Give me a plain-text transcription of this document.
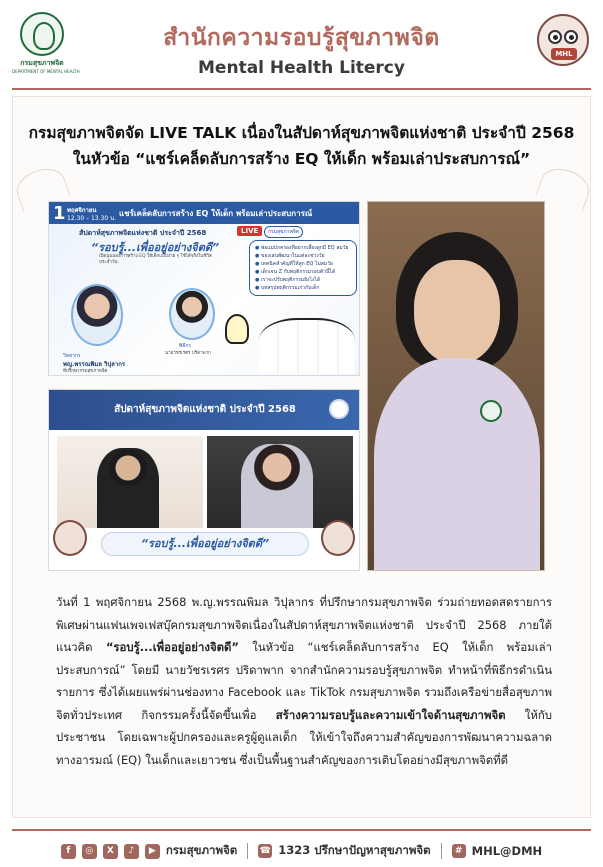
กรมสุขภาพจิต
DEPARTMENT OF MENTAL HEALTH
สำนักความรอบรู้สุขภาพจิต
Mental Health Litercy
MHL
กรมสุขภาพจิตจัด LIVE TALK เนื่องในสัปดาห์สุขภาพจิตแห่งชาติ ประจำปี 2568
ในหัวข้อ “แชร์เคล็ดลับการสร้าง EQ ให้เด็ก พร้อมเล่าประสบการณ์”
1 พฤศจิกายน
12.30 – 13.30 น.
แชร์เคล็ดลับการสร้าง EQ ให้เด็ก พร้อมเล่าประสบการณ์
สัปดาห์สุขภาพจิตแห่งชาติ ประจำปี 2568
“รอบรู้...เพื่ออยู่อย่างจิตดี”
เปิดมุมมองการสร้าง EQ ให้เด็กแบบง่าย ๆ ใช้ได้จริงในชีวิตประจำวัน
LIVE	กรมสุขภาพจิต
● พ่อแม่ปกครองที่อยากเลี้ยงลูกมี EQ สมวัย
● ของเล่นพัฒนาในแต่ละช่วงวัย
● เทคนิคสำคัญที่ให้ลูก EQ ไม่สมวัย
● เด็กเจน Z กับพฤติกรรมรอบตัวนี้ได้
● เราจะปรับพฤติกรรมยังไงได้
● บทสรุปพฤติกรรมเก่ากับเด็ก
วิทยากร
พญ.พรรณพิมล วิปุลากร
ที่ปรึกษากรมสุขภาพจิต
พิธีกร
นายวัชรเรศร ปริดาพาก
สัปดาห์สุขภาพจิตแห่งชาติ ประจำปี 2568
“รอบรู้...เพื่ออยู่อย่างจิตดี”
วันที่ 1 พฤศจิกายน 2568 พ.ญ.พรรณพิมล วิปุลากร ที่ปรึกษากรมสุขภาพจิต ร่วมถ่ายทอดสดรายการพิเศษผ่านแฟนเพจเฟสบุ๊คกรมสุขภาพจิตเนื่องในสัปดาห์สุขภาพจิตแห่งชาติ ประจำปี 2568 ภายใต้แนวคิด “รอบรู้...เพื่ออยู่อย่างจิตดี” ในหัวข้อ “แชร์เคล็ดลับการสร้าง EQ ให้เด็ก พร้อมเล่าประสบการณ์” โดยมี นายวัชรเรศร ปริดาพาก จากสำนักความรอบรู้สุขภาพจิต ทำหน้าที่พิธีกรดำเนินรายการ ซึ่งได้เผยแพร่ผ่านช่องทาง Facebook และ TikTok กรมสุขภาพจิต รวมถึงเครือข่ายสื่อสุขภาพจิตทั่วประเทศ กิจกรรมครั้งนี้จัดขึ้นเพื่อ สร้างความรอบรู้และความเข้าใจด้านสุขภาพจิต ให้กับประชาชน โดยเฉพาะผู้ปกครองและครูผู้ดูแลเด็ก ให้เข้าใจถึงความสำคัญของการพัฒนาความฉลาดทางอารมณ์ (EQ) ในเด็กและเยาวชน ซึ่งเป็นพื้นฐานสำคัญของการเติบโตอย่างมีสุขภาพจิตที่ดี
f	◎	X	♪	▶ กรมสุขภาพจิต ☎ 1323 ปรึกษาปัญหาสุขภาพจิต	# MHL@DMH
